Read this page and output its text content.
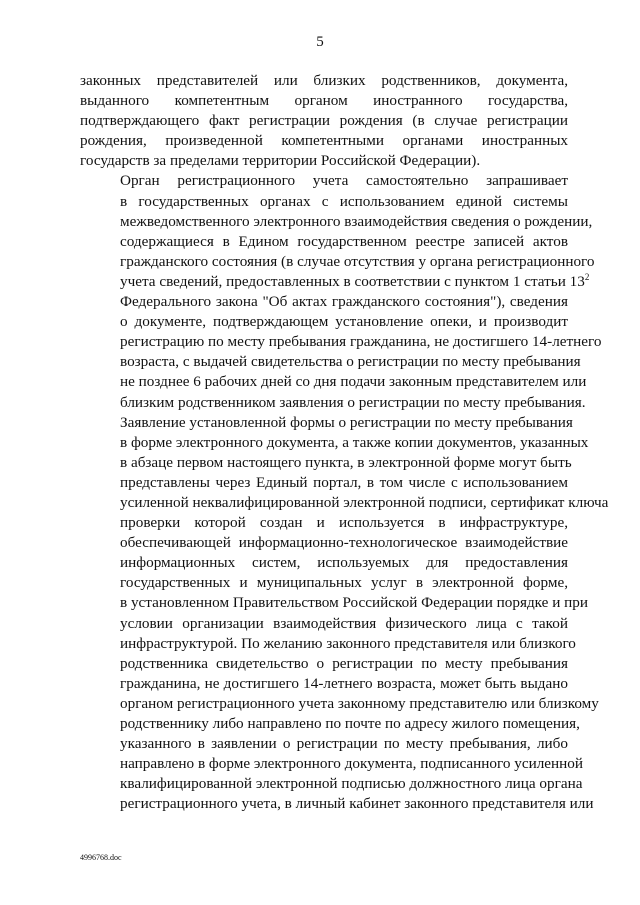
5

законных представителей или близких родственников, документа,
выданного компетентным органом иностранного государства,
подтверждающего факт регистрации рождения (в случае регистрации
рождения, произведенной компетентными органами иностранных
государств за пределами территории Российской Федерации).

Орган регистрационного учета самостоятельно запрашивает
в государственных органах с использованием единой системы
межведомственного электронного взаимодействия сведения о рождении,
содержащиеся в Едином государственном реестре записей актов
гражданского состояния (в случае отсутствия у органа регистрационного
учета сведений, предоставленных в соответствии с пунктом 1 статьи $13^2$
Федерального закона "Об актах гражданского состояния"), сведения
о документе, подтверждающем установление опеки, и производит
регистрацию по месту пребывания гражданина, не достигшего 14-летнего
возраста, с выдачей свидетельства о регистрации по месту пребывания
не позднее 6 рабочих дней со дня подачи законным представителем или
близким родственником заявления о регистрации по месту пребывания.

Заявление установленной формы о регистрации по месту пребывания
в форме электронного документа, а также копии документов, указанных
в абзаце первом настоящего пункта, в электронной форме могут быть
представлены через Единый портал, в том числе с использованием
усиленной неквалифицированной электронной подписи, сертификат ключа
проверки которой создан и используется в инфраструктуре,
обеспечивающей информационно-технологическое взаимодействие
информационных систем, используемых для предоставления
государственных и муниципальных услуг в электронной форме,
в установленном Правительством Российской Федерации порядке и при
условии организации взаимодействия физического лица с такой
инфраструктурой. По желанию законного представителя или близкого
родственника свидетельство о регистрации по месту пребывания
гражданина, не достигшего 14-летнего возраста, может быть выдано
органом регистрационного учета законному представителю или близкому
родственнику либо направлено по почте по адресу жилого помещения,
указанного в заявлении о регистрации по месту пребывания, либо
направлено в форме электронного документа, подписанного усиленной
квалифицированной электронной подписью должностного лица органа
регистрационного учета, в личный кабинет законного представителя или

4996768.doc
